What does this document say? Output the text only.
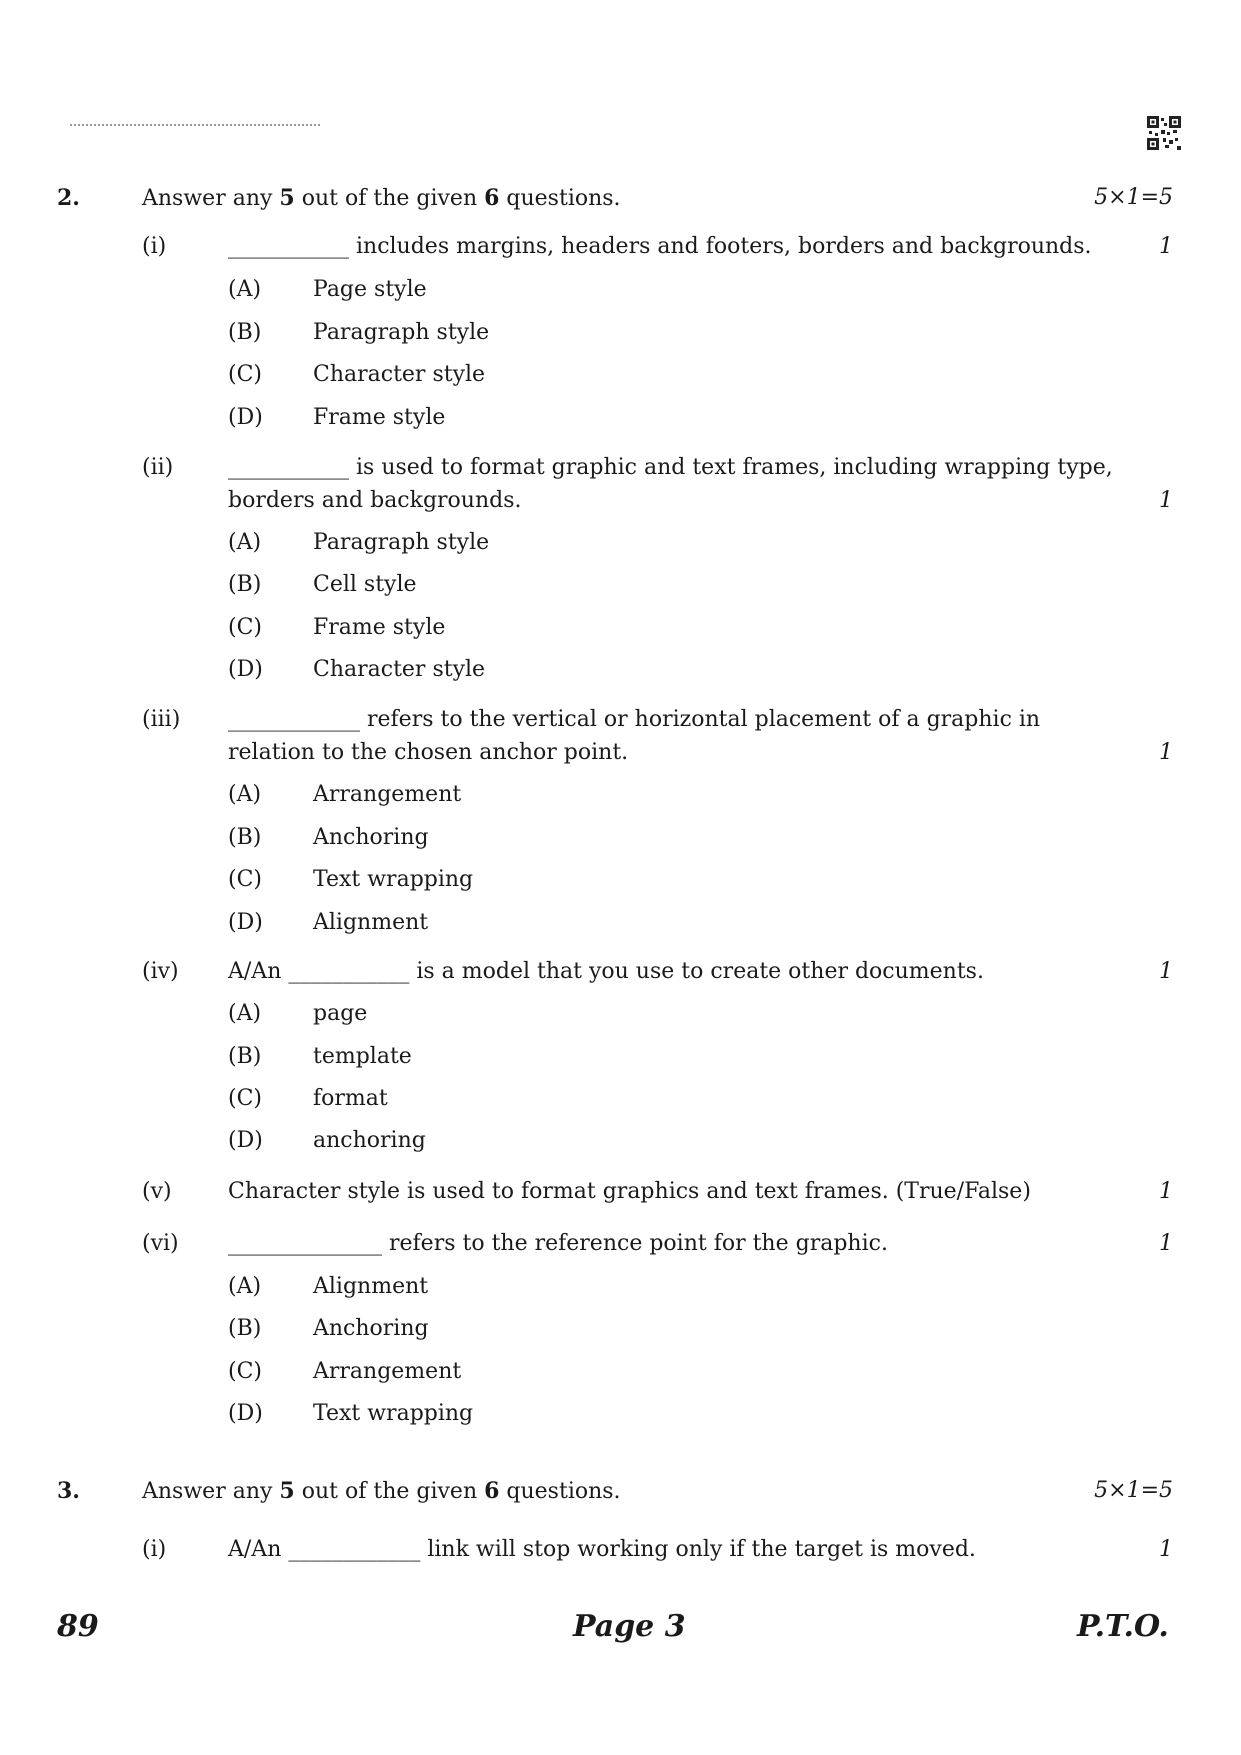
2.	Answer any 5 out of the given 6 questions.	5×1=5
(i)	___________ includes margins, headers and footers, borders and backgrounds.	1
(A) Page style
(B) Paragraph style
(C) Character style
(D) Frame style
(ii) ___________ is used to format graphic and text frames, including wrapping type,
borders and backgrounds.	1
(A) Paragraph style
(B) Cell style
(C) Frame style
(D) Character style
(iii) ____________ refers to the vertical or horizontal placement of a graphic in
relation to the chosen anchor point.	1
(A) Arrangement
(B) Anchoring
(C) Text wrapping
(D) Alignment
(iv) A/An ___________ is a model that you use to create other documents.	1
(A) page
(B) template
(C) format
(D) anchoring
(v)	Character style is used to format graphics and text frames. (True/False)	1
(vi) ______________ refers to the reference point for the graphic.	1
(A) Alignment
(B) Anchoring
(C) Arrangement
(D) Text wrapping
3.	Answer any 5 out of the given 6 questions.	5×1=5
(i)	A/An ____________ link will stop working only if the target is moved.	1
89	Page 3	P.T.O.
